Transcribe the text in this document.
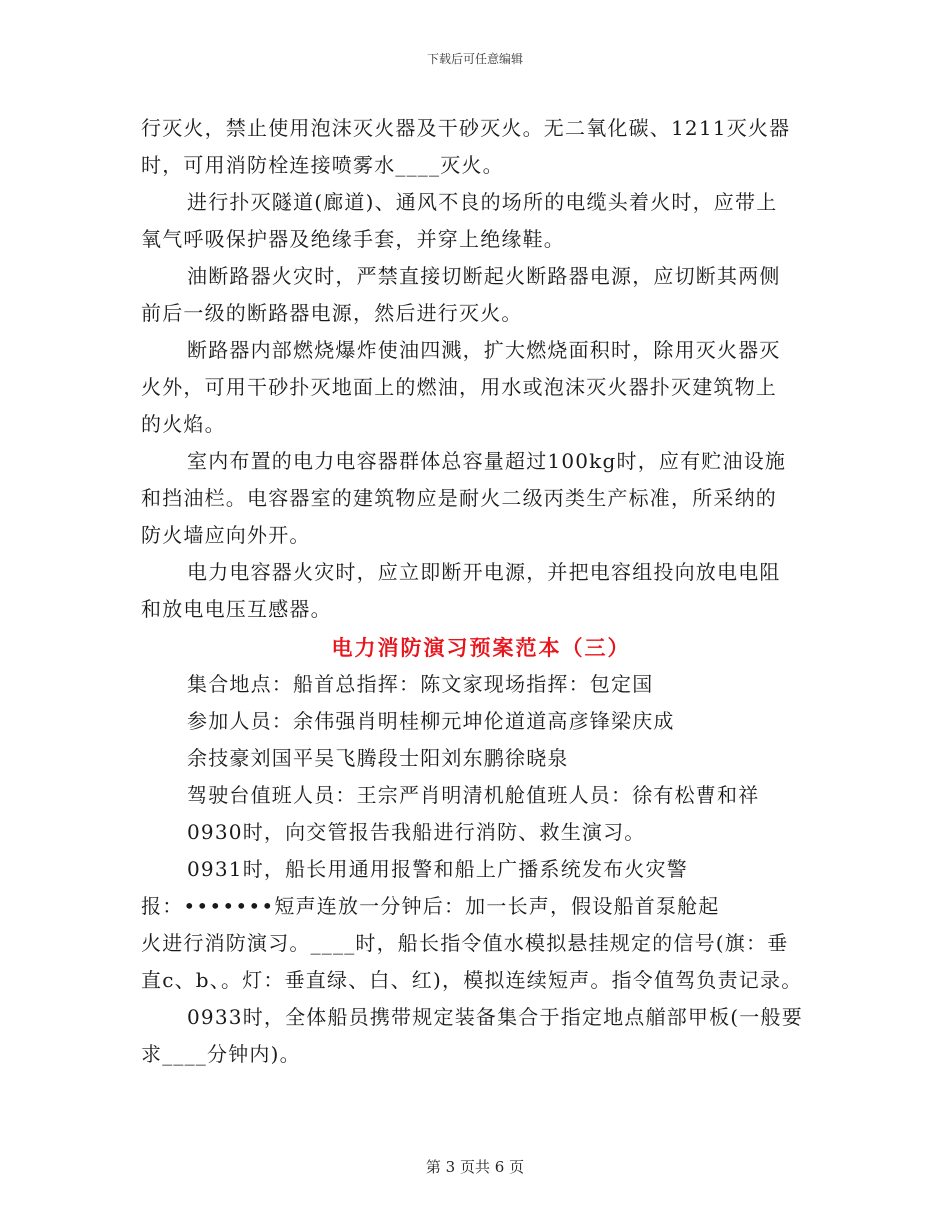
下载后可任意编辑

行灭火，禁止使用泡沫灭火器及干砂灭火。无二氧化碳、1211灭火器

时，可用消防栓连接喷雾水____灭火。

进行扑灭隧道(廊道)、通风不良的场所的电缆头着火时，应带上

氧气呼吸保护器及绝缘手套，并穿上绝缘鞋。

油断路器火灾时，严禁直接切断起火断路器电源，应切断其两侧

前后一级的断路器电源，然后进行灭火。

断路器内部燃烧爆炸使油四溅，扩大燃烧面积时，除用灭火器灭

火外，可用干砂扑灭地面上的燃油，用水或泡沫灭火器扑灭建筑物上

的火焰。

室内布置的电力电容器群体总容量超过100kg时，应有贮油设施

和挡油栏。电容器室的建筑物应是耐火二级丙类生产标准，所采纳的

防火墙应向外开。

电力电容器火灾时，应立即断开电源，并把电容组投向放电电阻

和放电电压互感器。

电力消防演习预案范本（三）

集合地点：船首总指挥：陈文家现场指挥：包定国

参加人员：余伟强肖明桂柳元坤伦道道高彦锋梁庆成

余技豪刘国平吴飞腾段士阳刘东鹏徐晓泉

驾驶台值班人员：王宗严肖明清机舱值班人员：徐有松曹和祥

0930时，向交管报告我船进行消防、救生演习。

0931时，船长用通用报警和船上广播系统发布火灾警

报：•••••••短声连放一分钟后：加一长声，假设船首泵舱起

火进行消防演习。____时，船长指令值水模拟悬挂规定的信号(旗：垂

直c、b、。灯：垂直绿、白、红)，模拟连续短声。指令值驾负责记录。

0933时，全体船员携带规定装备集合于指定地点艏部甲板(一般要

求____分钟内)。

第 3 页共 6 页
